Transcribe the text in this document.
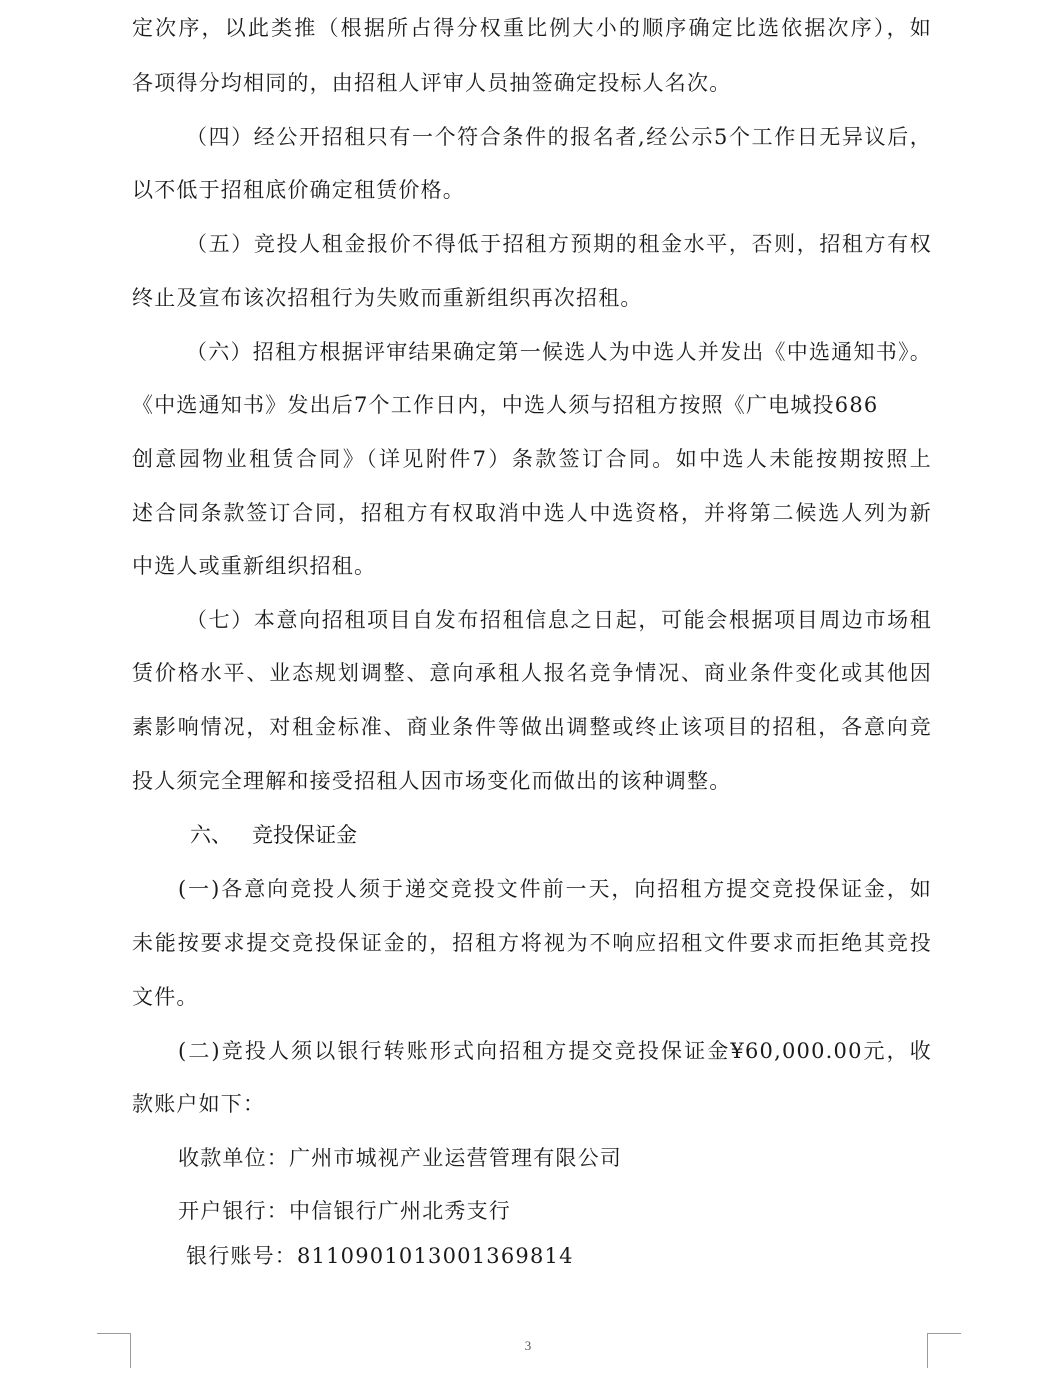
定次序，以此类推（根据所占得分权重比例大小的顺序确定比选依据次序），如
各项得分均相同的，由招租人评审人员抽签确定投标人名次。
（四）经公开招租只有一个符合条件的报名者,经公示5个工作日无异议后，
以不低于招租底价确定租赁价格。
（五）竞投人租金报价不得低于招租方预期的租金水平，否则，招租方有权
终止及宣布该次招租行为失败而重新组织再次招租。
（六）招租方根据评审结果确定第一候选人为中选人并发出《中选通知书》。
《中选通知书》发出后7个工作日内，中选人须与招租方按照《广电城投686
创意园物业租赁合同》（详见附件7）条款签订合同。如中选人未能按期按照上
述合同条款签订合同，招租方有权取消中选人中选资格，并将第二候选人列为新
中选人或重新组织招租。
（七）本意向招租项目自发布招租信息之日起，可能会根据项目周边市场租
赁价格水平、业态规划调整、意向承租人报名竞争情况、商业条件变化或其他因
素影响情况，对租金标准、商业条件等做出调整或终止该项目的招租，各意向竞
投人须完全理解和接受招租人因市场变化而做出的该种调整。
六、 竞投保证金
(一)各意向竞投人须于递交竞投文件前一天，向招租方提交竞投保证金，如
未能按要求提交竞投保证金的，招租方将视为不响应招租文件要求而拒绝其竞投
文件。
(二)竞投人须以银行转账形式向招租方提交竞投保证金¥60,000.00元，收
款账户如下：
收款单位：广州市城视产业运营管理有限公司
开户银行：中信银行广州北秀支行
银行账号：8110901013001369814
3
